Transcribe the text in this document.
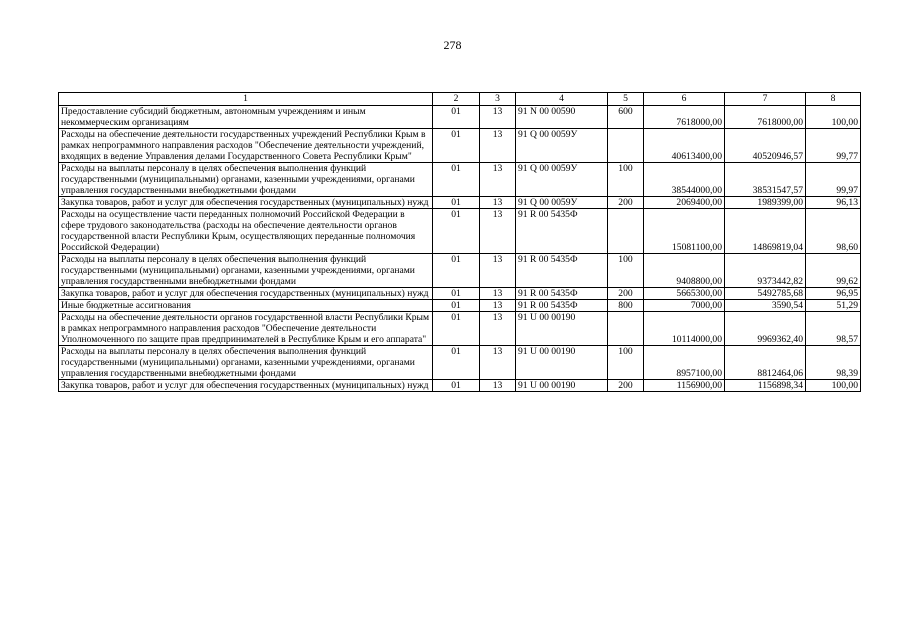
278
1	2	3	4	5	6	7	8
Предоставление субсидий бюджетным, автономным учреждениям и иным некоммерческим организациям	01	13	91 N 00 00590	600	7618000,00	7618000,00	100,00
Расходы на обеспечение деятельности государственных учреждений Республики Крым в рамках непрограммного направления расходов "Обеспечение деятельности учреждений, входящих в ведение Управления делами Государственного Совета Республики Крым"	01	13	91 Q 00 0059У		40613400,00	40520946,57	99,77
Расходы на выплаты персоналу в целях обеспечения выполнения функций государственными (муниципальными) органами, казенными учреждениями, органами управления государственными внебюджетными фондами	01	13	91 Q 00 0059У	100	38544000,00	38531547,57	99,97
Закупка товаров, работ и услуг для обеспечения государственных (муниципальных) нужд	01	13	91 Q 00 0059У	200	2069400,00	1989399,00	96,13
Расходы на осуществление части переданных полномочий Российской Федерации в сфере трудового законодательства (расходы на обеспечение деятельности органов государственной власти Республики Крым, осуществляющих переданные полномочия Российской Федерации)	01	13	91 R 00 5435Ф		15081100,00	14869819,04	98,60
Расходы на выплаты персоналу в целях обеспечения выполнения функций государственными (муниципальными) органами, казенными учреждениями, органами управления государственными внебюджетными фондами	01	13	91 R 00 5435Ф	100	9408800,00	9373442,82	99,62
Закупка товаров, работ и услуг для обеспечения государственных (муниципальных) нужд	01	13	91 R 00 5435Ф	200	5665300,00	5492785,68	96,95
Иные бюджетные ассигнования	01	13	91 R 00 5435Ф	800	7000,00	3590,54	51,29
Расходы на обеспечение деятельности органов государственной власти Республики Крым в рамках непрограммного направления расходов "Обеспечение деятельности Уполномоченного по защите прав предпринимателей в Республике Крым и его аппарата"	01	13	91 U 00 00190		10114000,00	9969362,40	98,57
Расходы на выплаты персоналу в целях обеспечения выполнения функций государственными (муниципальными) органами, казенными учреждениями, органами управления государственными внебюджетными фондами	01	13	91 U 00 00190	100	8957100,00	8812464,06	98,39
Закупка товаров, работ и услуг для обеспечения государственных (муниципальных) нужд	01	13	91 U 00 00190	200	1156900,00	1156898,34	100,00
